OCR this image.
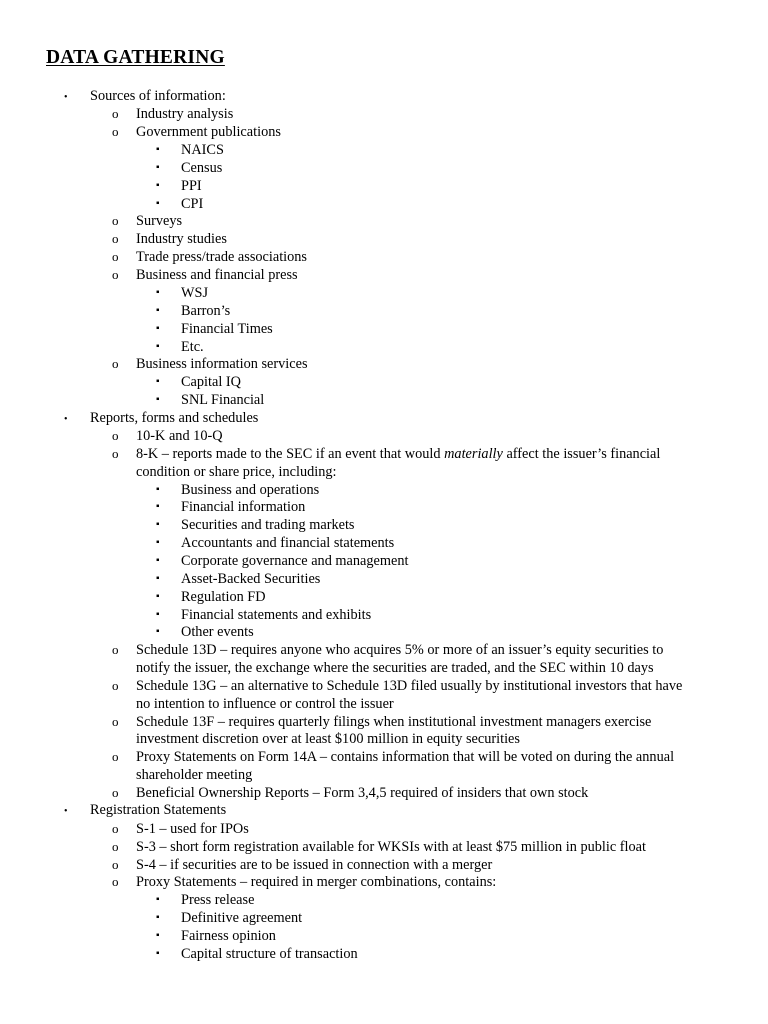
DATA GATHERING
• Sources of information:
o Industry analysis
o Government publications
▪ NAICS
▪ Census
▪ PPI
▪ CPI
o Surveys
o Industry studies
o Trade press/trade associations
o Business and financial press
▪ WSJ
▪ Barron’s
▪ Financial Times
▪ Etc.
o Business information services
▪ Capital IQ
▪ SNL Financial
• Reports, forms and schedules
o 10-K and 10-Q
o 8-K – reports made to the SEC if an event that would materially affect the issuer’s financial
condition or share price, including:
▪ Business and operations
▪ Financial information
▪ Securities and trading markets
▪ Accountants and financial statements
▪ Corporate governance and management
▪ Asset-Backed Securities
▪ Regulation FD
▪ Financial statements and exhibits
▪ Other events
o Schedule 13D – requires anyone who acquires 5% or more of an issuer’s equity securities to
notify the issuer, the exchange where the securities are traded, and the SEC within 10 days
o Schedule 13G – an alternative to Schedule 13D filed usually by institutional investors that have
no intention to influence or control the issuer
o Schedule 13F – requires quarterly filings when institutional investment managers exercise
investment discretion over at least $100 million in equity securities
o Proxy Statements on Form 14A – contains information that will be voted on during the annual
shareholder meeting
o Beneficial Ownership Reports – Form 3,4,5 required of insiders that own stock
• Registration Statements
o S-1 – used for IPOs
o S-3 – short form registration available for WKSIs with at least $75 million in public float
o S-4 – if securities are to be issued in connection with a merger
o Proxy Statements – required in merger combinations, contains:
▪ Press release
▪ Definitive agreement
▪ Fairness opinion
▪ Capital structure of transaction
